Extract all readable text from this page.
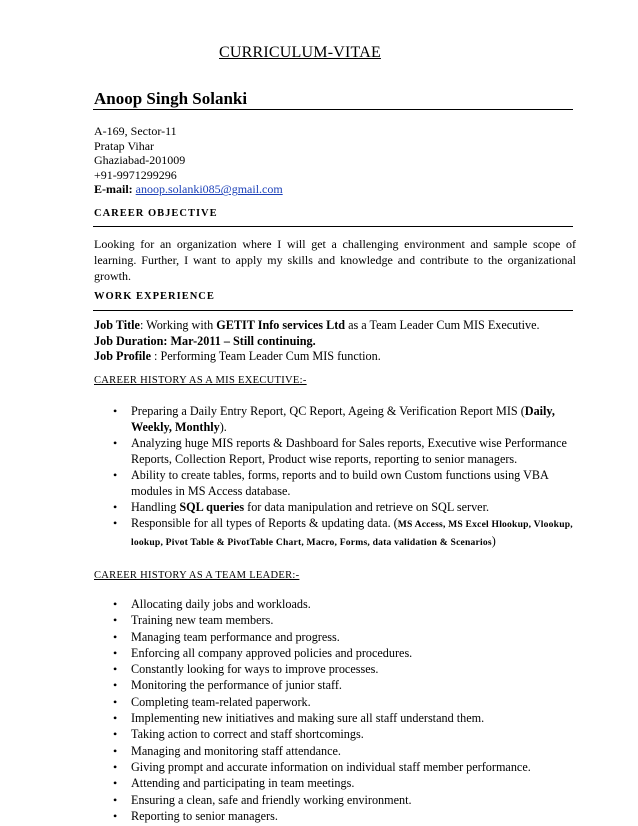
CURRICULUM-VITAE
Anoop Singh Solanki
A-169, Sector-11
Pratap Vihar
Ghaziabad-201009
+91-9971299296
E-mail: anoop.solanki085@gmail.com
CAREER OBJECTIVE
Looking for an organization where I will get a challenging environment and sample scope of learning. Further, I want to apply my skills and knowledge and contribute to the organizational growth.
WORK EXPERIENCE
Job Title: Working with GETIT Info services Ltd as a Team Leader Cum MIS Executive.
Job Duration: Mar-2011 – Still continuing.
Job Profile : Performing Team Leader Cum MIS function.
CAREER HISTORY AS A MIS EXECUTIVE:-
• Preparing a Daily Entry Report, QC Report, Ageing & Verification Report MIS (Daily, Weekly, Monthly).
• Analyzing huge MIS reports & Dashboard for Sales reports, Executive wise Performance Reports, Collection Report, Product wise reports, reporting to senior managers.
• Ability to create tables, forms, reports and to build own Custom functions using VBA modules in MS Access database.
• Handling SQL queries for data manipulation and retrieve on SQL server.
• Responsible for all types of Reports & updating data. (MS Access, MS Excel Hlookup, Vlookup, lookup, Pivot Table & PivotTable Chart, Macro, Forms, data validation & Scenarios)
CAREER HISTORY AS A TEAM LEADER:-
• Allocating daily jobs and workloads.
• Training new team members.
• Managing team performance and progress.
• Enforcing all company approved policies and procedures.
• Constantly looking for ways to improve processes.
• Monitoring the performance of junior staff.
• Completing team-related paperwork.
• Implementing new initiatives and making sure all staff understand them.
• Taking action to correct and staff shortcomings.
• Managing and monitoring staff attendance.
• Giving prompt and accurate information on individual staff member performance.
• Attending and participating in team meetings.
• Ensuring a clean, safe and friendly working environment.
• Reporting to senior managers.
